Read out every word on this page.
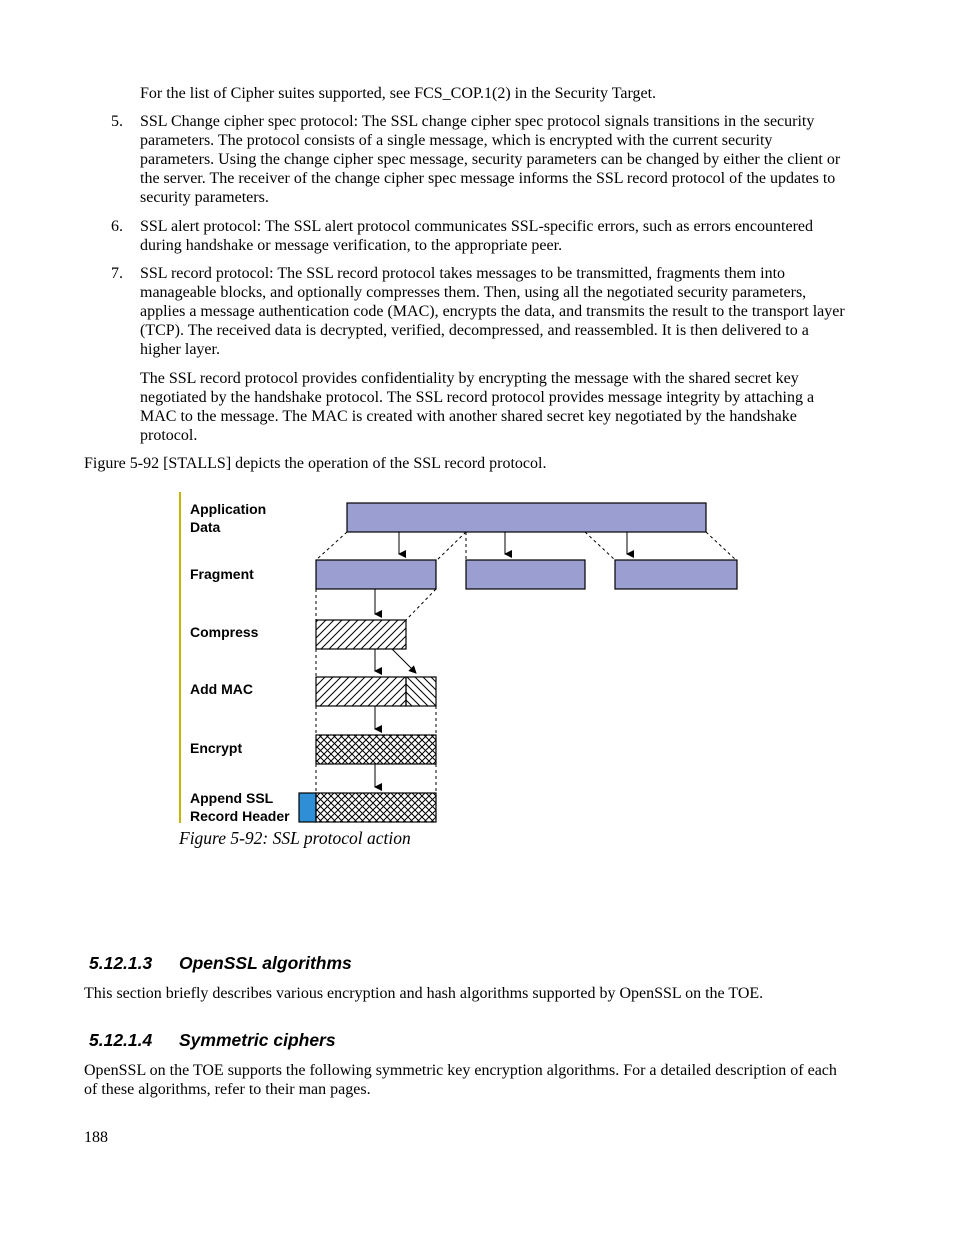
For the list of Cipher suites supported, see FCS_COP.1(2) in the Security Target.

5. SSL Change cipher spec protocol: The SSL change cipher spec protocol signals transitions in the security parameters. The protocol consists of a single message, which is encrypted with the current security parameters. Using the change cipher spec message, security parameters can be changed by either the client or the server. The receiver of the change cipher spec message informs the SSL record protocol of the updates to security parameters.

6. SSL alert protocol: The SSL alert protocol communicates SSL-specific errors, such as errors encountered during handshake or message verification, to the appropriate peer.

7. SSL record protocol: The SSL record protocol takes messages to be transmitted, fragments them into manageable blocks, and optionally compresses them. Then, using all the negotiated security parameters, applies a message authentication code (MAC), encrypts the data, and transmits the result to the transport layer (TCP). The received data is decrypted, verified, decompressed, and reassembled. It is then delivered to a higher layer.

The SSL record protocol provides confidentiality by encrypting the message with the shared secret key negotiated by the handshake protocol. The SSL record protocol provides message integrity by attaching a MAC to the message. The MAC is created with another shared secret key negotiated by the handshake protocol.

Figure 5-92 [STALLS] depicts the operation of the SSL record protocol.

Application
Data
Fragment
Compress
Add MAC
Encrypt
Append SSL
Record Header

Figure 5-92: SSL protocol action

5.12.1.3 OpenSSL algorithms

This section briefly describes various encryption and hash algorithms supported by OpenSSL on the TOE.

5.12.1.4 Symmetric ciphers

OpenSSL on the TOE supports the following symmetric key encryption algorithms. For a detailed description of each of these algorithms, refer to their man pages.

188
